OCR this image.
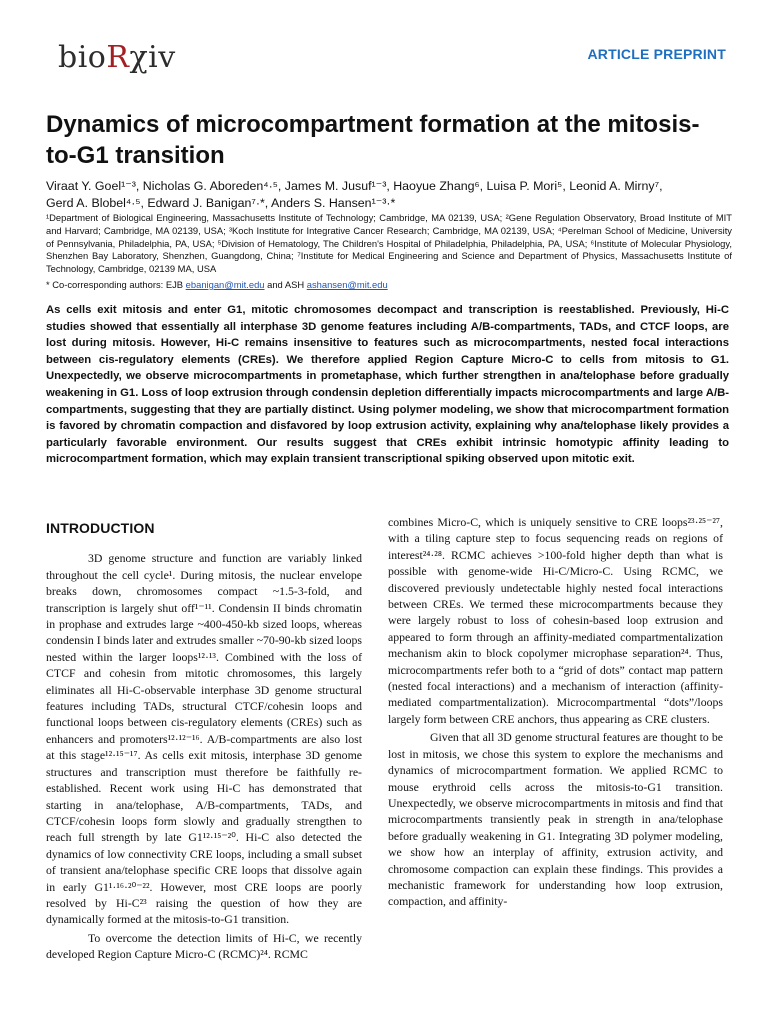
bioRχiv	ARTICLE PREPRINT
Dynamics of microcompartment formation at the mitosis-to-G1 transition
Viraat Y. Goel¹⁻³, Nicholas G. Aboreden⁴·⁵, James M. Jusuf¹⁻³, Haoyue Zhang⁶, Luisa P. Mori⁵, Leonid A. Mirny⁷,
Gerd A. Blobel⁴·⁵, Edward J. Banigan⁷·*, Anders S. Hansen¹⁻³·*
¹Department of Biological Engineering, Massachusetts Institute of Technology; Cambridge, MA 02139, USA; ²Gene Regulation Observatory, Broad Institute of MIT and Harvard; Cambridge, MA 02139, USA; ³Koch Institute for Integrative Cancer Research; Cambridge, MA 02139, USA; ⁴Perelman School of Medicine, University of Pennsylvania, Philadelphia, PA, USA; ⁵Division of Hematology, The Children's Hospital of Philadelphia, Philadelphia, PA, USA; ⁶Institute of Molecular Physiology, Shenzhen Bay Laboratory, Shenzhen, Guangdong, China; ⁷Institute for Medical Engineering and Science and Department of Physics, Massachusetts Institute of Technology, Cambridge, 02139 MA, USA
* Co-corresponding authors: EJB ebanigan@mit.edu and ASH ashansen@mit.edu

As cells exit mitosis and enter G1, mitotic chromosomes decompact and transcription is reestablished. Previously, Hi-C studies showed that essentially all interphase 3D genome features including A/B-compartments, TADs, and CTCF loops, are lost during mitosis. However, Hi-C remains insensitive to features such as microcompartments, nested focal interactions between cis-regulatory elements (CREs). We therefore applied Region Capture Micro-C to cells from mitosis to G1. Unexpectedly, we observe microcompartments in prometaphase, which further strengthen in ana/telophase before gradually weakening in G1. Loss of loop extrusion through condensin depletion differentially impacts microcompartments and large A/B-compartments, suggesting that they are partially distinct. Using polymer modeling, we show that microcompartment formation is favored by chromatin compaction and disfavored by loop extrusion activity, explaining why ana/telophase likely provides a particularly favorable environment. Our results suggest that CREs exhibit intrinsic homotypic affinity leading to microcompartment formation, which may explain transient transcriptional spiking observed upon mitotic exit.

INTRODUCTION

3D genome structure and function are variably linked throughout the cell cycle¹. During mitosis, the nuclear envelope breaks down, chromosomes compact ~1.5-3-fold, and transcription is largely shut off¹⁻¹¹. Condensin II binds chromatin in prophase and extrudes large ~400-450-kb sized loops, whereas condensin I binds later and extrudes smaller ~70-90-kb sized loops nested within the larger loops¹²·¹³. Combined with the loss of CTCF and cohesin from mitotic chromosomes, this largely eliminates all Hi-C-observable interphase 3D genome structural features including TADs, structural CTCF/cohesin loops and functional loops between cis-regulatory elements (CREs) such as enhancers and promoters¹²·¹²⁻¹⁶. A/B-compartments are also lost at this stage¹²·¹⁵⁻¹⁷. As cells exit mitosis, interphase 3D genome structures and transcription must therefore be faithfully re-established. Recent work using Hi-C has demonstrated that starting in ana/telophase, A/B-compartments, TADs, and CTCF/cohesin loops form slowly and gradually strengthen to reach full strength by late G1¹²·¹⁵⁻²⁰. Hi-C also detected the dynamics of low connectivity CRE loops, including a small subset of transient ana/telophase specific CRE loops that dissolve again in early G1¹·¹⁶·²⁰⁻²². However, most CRE loops are poorly resolved by Hi-C²³ raising the question of how they are dynamically formed at the mitosis-to-G1 transition.

To overcome the detection limits of Hi-C, we recently developed Region Capture Micro-C (RCMC)²⁴. RCMC

combines Micro-C, which is uniquely sensitive to CRE loops²³·²⁵⁻²⁷, with a tiling capture step to focus sequencing reads on regions of interest²⁴·²⁸. RCMC achieves >100-fold higher depth than what is possible with genome-wide Hi-C/Micro-C. Using RCMC, we discovered previously undetectable highly nested focal interactions between CREs. We termed these microcompartments because they were largely robust to loss of cohesin-based loop extrusion and appeared to form through an affinity-mediated compartmentalization mechanism akin to block copolymer microphase separation²⁴. Thus, microcompartments refer both to a “grid of dots” contact map pattern (nested focal interactions) and a mechanism of interaction (affinity-mediated compartmentalization). Microcompartmental “dots”/loops largely form between CRE anchors, thus appearing as CRE clusters.

Given that all 3D genome structural features are thought to be lost in mitosis, we chose this system to explore the mechanisms and dynamics of microcompartment formation. We applied RCMC to mouse erythroid cells across the mitosis-to-G1 transition. Unexpectedly, we observe microcompartments in mitosis and find that microcompartments transiently peak in strength in ana/telophase before gradually weakening in G1. Integrating 3D polymer modeling, we show how an interplay of affinity, extrusion activity, and chromosome compaction can explain these findings. This provides a mechanistic framework for understanding how loop extrusion, compaction, and affinity-
